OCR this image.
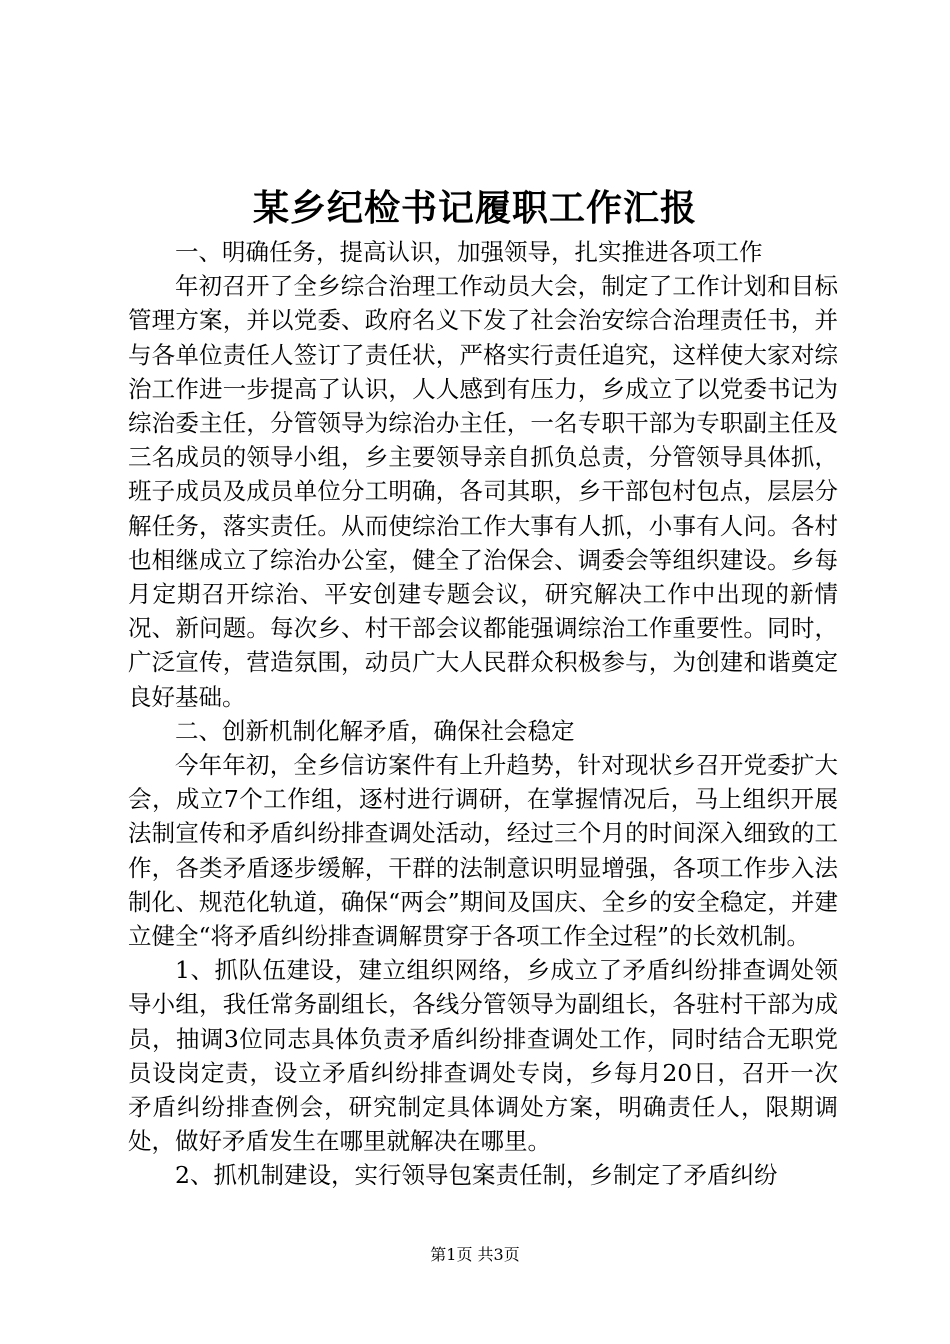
某乡纪检书记履职工作汇报

一、明确任务，提高认识，加强领导，扎实推进各项工作

年初召开了全乡综合治理工作动员大会，制定了工作计划和目标管理方案，并以党委、政府名义下发了社会治安综合治理责任书，并与各单位责任人签订了责任状，严格实行责任追究，这样使大家对综治工作进一步提高了认识，人人感到有压力，乡成立了以党委书记为综治委主任，分管领导为综治办主任，一名专职干部为专职副主任及三名成员的领导小组，乡主要领导亲自抓负总责，分管领导具体抓，班子成员及成员单位分工明确，各司其职，乡干部包村包点，层层分解任务，落实责任。从而使综治工作大事有人抓，小事有人问。各村也相继成立了综治办公室，健全了治保会、调委会等组织建设。乡每月定期召开综治、平安创建专题会议，研究解决工作中出现的新情况、新问题。每次乡、村干部会议都能强调综治工作重要性。同时，广泛宣传，营造氛围，动员广大人民群众积极参与，为创建和谐奠定良好基础。

二、创新机制化解矛盾，确保社会稳定

今年年初，全乡信访案件有上升趋势，针对现状乡召开党委扩大会，成立7个工作组，逐村进行调研，在掌握情况后，马上组织开展法制宣传和矛盾纠纷排查调处活动，经过三个月的时间深入细致的工作，各类矛盾逐步缓解，干群的法制意识明显增强，各项工作步入法制化、规范化轨道，确保“两会”期间及国庆、全乡的安全稳定，并建立健全“将矛盾纠纷排查调解贯穿于各项工作全过程”的长效机制。

1、抓队伍建设，建立组织网络，乡成立了矛盾纠纷排查调处领导小组，我任常务副组长，各线分管领导为副组长，各驻村干部为成员，抽调3位同志具体负责矛盾纠纷排查调处工作，同时结合无职党员设岗定责，设立矛盾纠纷排查调处专岗，乡每月20日，召开一次矛盾纠纷排查例会，研究制定具体调处方案，明确责任人，限期调处，做好矛盾发生在哪里就解决在哪里。

2、抓机制建设，实行领导包案责任制，乡制定了矛盾纠纷

第1页 共3页
